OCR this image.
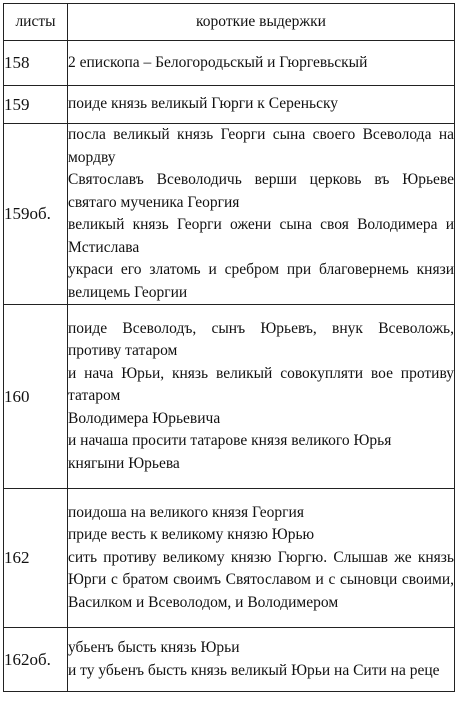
листы	короткие выдержки
158	2 епископа – Белогородьскый и Гюргевьскый

159	поиде князь великый Гюрги к Сереньску

159об.	посла великый князь Георги сына своего Всеволода на мордву
Святославъ Всеволодичь верши церковь въ Юрьеве святаго мученика Георгия
великый князь Георги ожени сына своя Володимера и Мстислава
украси его златомь и сребром при благовернемь князи велицемь Георгии

160	поиде Всеволодъ, сынъ Юрьевъ, внук Всеволожь, противу татаром
и нача Юрьи, князь великый совокупляти вое противу татаром
Володимера Юрьевича
и начаша просити татарове князя великого Юрья
княгыни Юрьева

162	поидоша на великого князя Георгия
приде весть к великому князю Юрью
сить противу великому князю Гюргю. Слышав же князь Юрги с братом своимъ Святославом и с сыновци своими, Василком и Всеволодом, и Володимером

162об.	убьенъ бысть князь Юрьи
и ту убьенъ бысть князь великый Юрьи на Сити на реце
